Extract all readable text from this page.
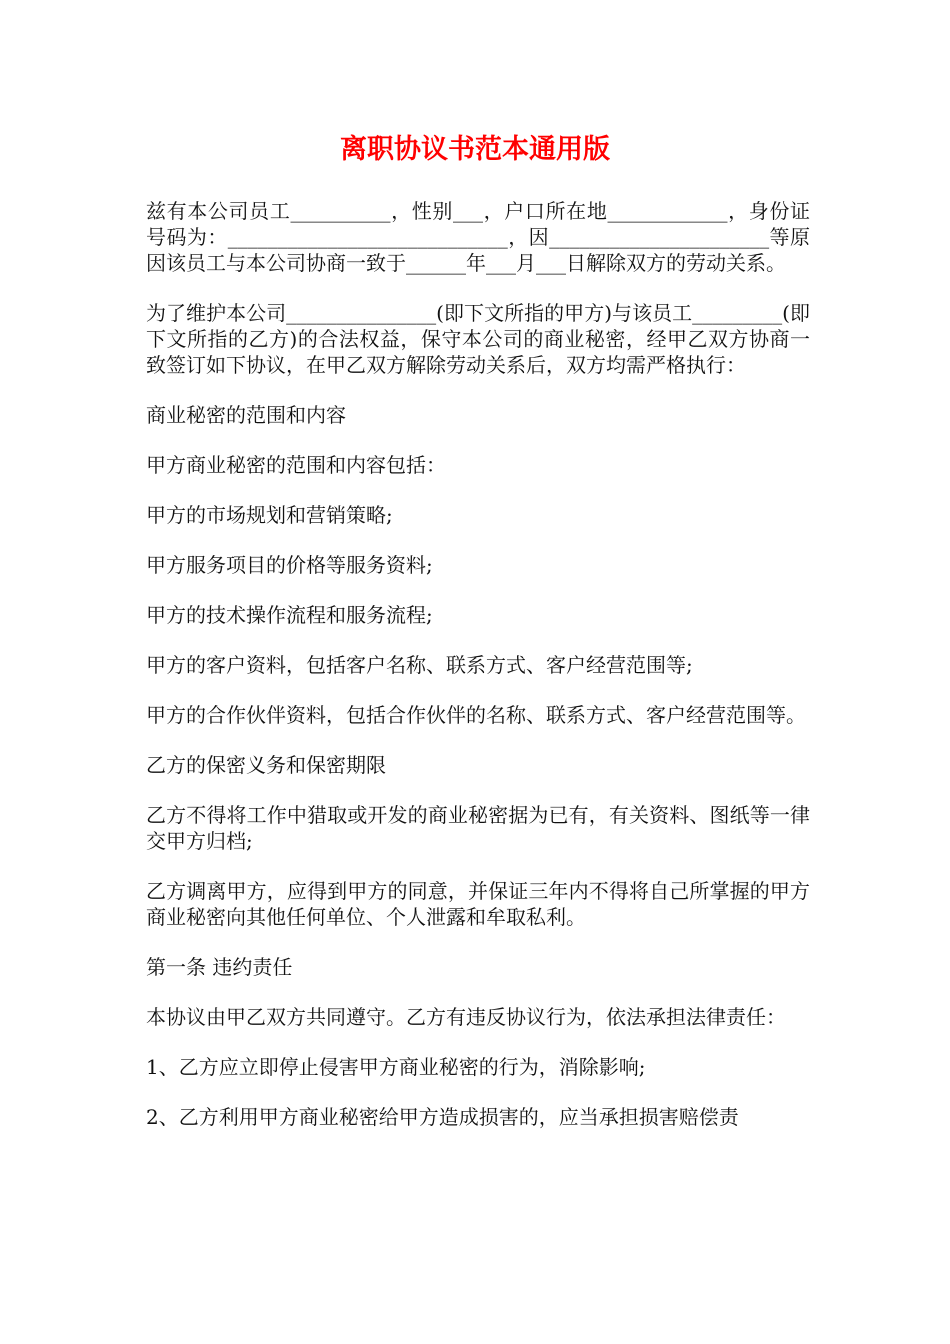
离职协议书范本通用版

兹有本公司员工__________，性别___，户口所在地____________，身份证号码为：____________________________，因______________________等原因该员工与本公司协商一致于______年___月___日解除双方的劳动关系。

为了维护本公司_______________(即下文所指的甲方)与该员工_________(即下文所指的乙方)的合法权益，保守本公司的商业秘密，经甲乙双方协商一致签订如下协议，在甲乙双方解除劳动关系后，双方均需严格执行：

商业秘密的范围和内容

甲方商业秘密的范围和内容包括：

甲方的市场规划和营销策略;

甲方服务项目的价格等服务资料;

甲方的技术操作流程和服务流程;

甲方的客户资料，包括客户名称、联系方式、客户经营范围等;

甲方的合作伙伴资料，包括合作伙伴的名称、联系方式、客户经营范围等。

乙方的保密义务和保密期限

乙方不得将工作中猎取或开发的商业秘密据为已有，有关资料、图纸等一律交甲方归档;

乙方调离甲方，应得到甲方的同意，并保证三年内不得将自己所掌握的甲方商业秘密向其他任何单位、个人泄露和牟取私利。

第一条 违约责任

本协议由甲乙双方共同遵守。乙方有违反协议行为，依法承担法律责任：

1、乙方应立即停止侵害甲方商业秘密的行为，消除影响;

2、乙方利用甲方商业秘密给甲方造成损害的，应当承担损害赔偿责
